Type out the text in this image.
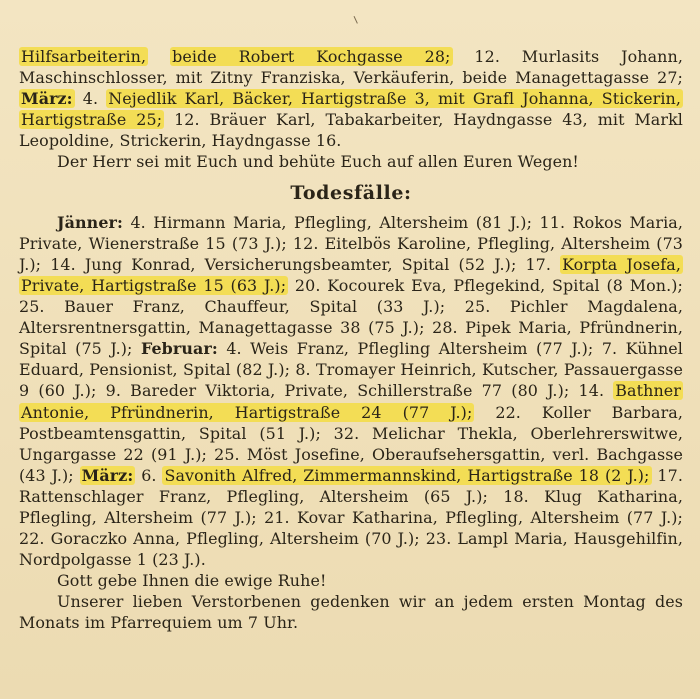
Hilfsarbeiterin, beide Robert Kochgasse 28; 12. Murlasits Johann, Maschinschlosser, mit Zitny Franziska, Verkäuferin, beide Managettagasse 27; März: 4. Nejedlik Karl, Bäcker, Hartigstraße 3, mit Grafl Johanna, Stickerin, Hartigstraße 25; 12. Bräuer Karl, Tabakarbeiter, Haydngasse 43, mit Markl Leopoldine, Strickerin, Haydngasse 16.

Der Herr sei mit Euch und behüte Euch auf allen Euren Wegen!

Todesfälle:

Jänner: 4. Hirmann Maria, Pflegling, Altersheim (81 J.); 11. Rokos Maria, Private, Wienerstraße 15 (73 J.); 12. Eitelbös Karoline, Pflegling, Altersheim (73 J.); 14. Jung Konrad, Versicherungsbeamter, Spital (52 J.); 17. Korpta Josefa, Private, Hartigstraße 15 (63 J.); 20. Kocourek Eva, Pflegekind, Spital (8 Mon.); 25. Bauer Franz, Chauffeur, Spital (33 J.); 25. Pichler Magdalena, Altersrentnersgattin, Managettagasse 38 (75 J.); 28. Pipek Maria, Pfründnerin, Spital (75 J.); Februar: 4. Weis Franz, Pflegling Altersheim (77 J.); 7. Kühnel Eduard, Pensionist, Spital (82 J.); 8. Tromayer Heinrich, Kutscher, Passauergasse 9 (60 J.); 9. Bareder Viktoria, Private, Schillerstraße 77 (80 J.); 14. Bathner Antonie, Pfründnerin, Hartigstraße 24 (77 J.); 22. Koller Barbara, Postbeamtensgattin, Spital (51 J.); 32. Melichar Thekla, Oberlehrerswitwe, Ungargasse 22 (91 J.); 25. Möst Josefine, Oberaufsehersgattin, verl. Bachgasse (43 J.); März: 6. Savonith Alfred, Zimmermannskind, Hartigstraße 18 (2 J.); 17. Rattenschlager Franz, Pflegling, Altersheim (65 J.); 18. Klug Katharina, Pflegling, Altersheim (77 J.); 21. Kovar Katharina, Pflegling, Altersheim (77 J.); 22. Goraczko Anna, Pflegling, Altersheim (70 J.); 23. Lampl Maria, Hausgehilfin, Nordpolgasse 1 (23 J.).

Gott gebe Ihnen die ewige Ruhe!

Unserer lieben Verstorbenen gedenken wir an jedem ersten Montag des Monats im Pfarrequiem um 7 Uhr.
